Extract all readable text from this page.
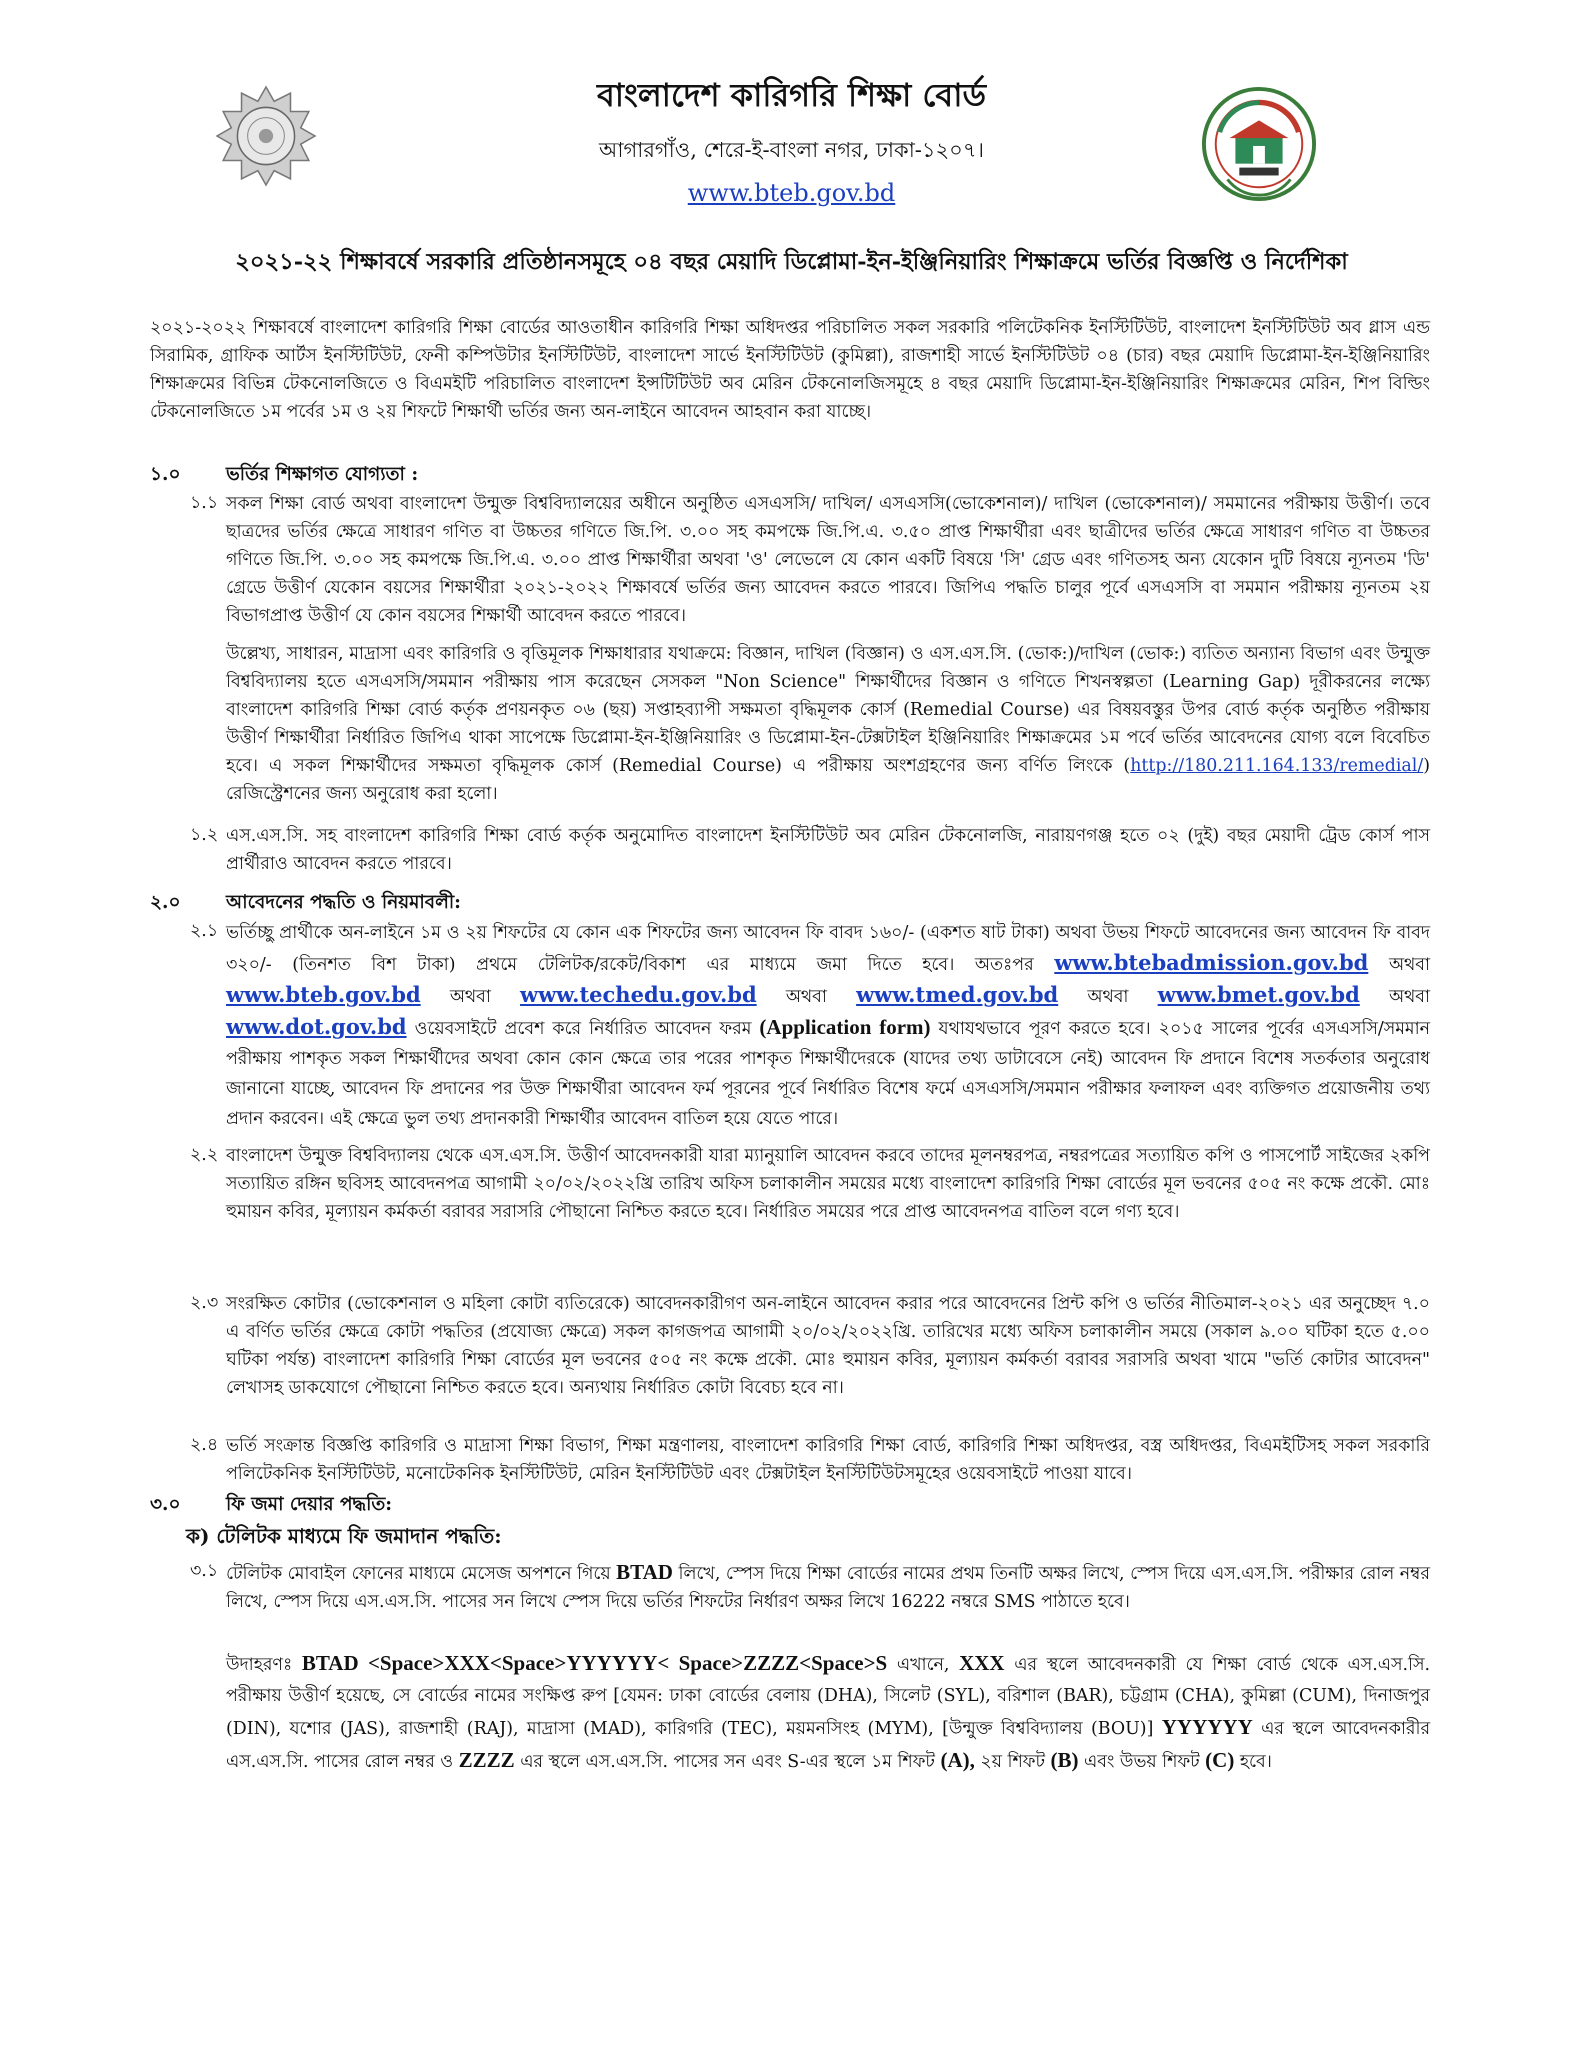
বাংলাদেশ কারিগরি শিক্ষা বোর্ড
আগারগাঁও, শেরে-ই-বাংলা নগর, ঢাকা-১২০৭।
www.bteb.gov.bd
২০২১-২২ শিক্ষাবর্ষে সরকারি প্রতিষ্ঠানসমূহে ০৪ বছর মেয়াদি ডিপ্লোমা-ইন-ইঞ্জিনিয়ারিং শিক্ষাক্রমে ভর্তির বিজ্ঞপ্তি ও নির্দেশিকা
২০২১-২০২২ শিক্ষাবর্ষে বাংলাদেশ কারিগরি শিক্ষা বোর্ডের আওতাধীন কারিগরি শিক্ষা অধিদপ্তর পরিচালিত সকল সরকারি পলিটেকনিক ইনস্টিটিউট, বাংলাদেশ ইনস্টিটিউট অব গ্লাস এন্ড সিরামিক, গ্রাফিক আর্টস ইনস্টিটিউট, ফেনী কম্পিউটার ইনস্টিটিউট, বাংলাদেশ সার্ভে ইনস্টিটিউট (কুমিল্লা), রাজশাহী সার্ভে ইনস্টিটিউট ০৪ (চার) বছর মেয়াদি ডিপ্লোমা-ইন-ইঞ্জিনিয়ারিং শিক্ষাক্রমের বিভিন্ন টেকনোলজিতে ও বিএমইটি পরিচালিত বাংলাদেশ ইন্সটিটিউট অব মেরিন টেকনোলজিসমূহে ৪ বছর মেয়াদি ডিপ্লোমা-ইন-ইঞ্জিনিয়ারিং শিক্ষাক্রমের মেরিন, শিপ বিল্ডিং টেকনোলজিতে ১ম পর্বের ১ম ও ২য় শিফটে শিক্ষার্থী ভর্তির জন্য অন-লাইনে আবেদন আহবান করা যাচ্ছে।
১.০ ভর্তির শিক্ষাগত যোগ্যতা :
১.১ সকল শিক্ষা বোর্ড অথবা বাংলাদেশ উন্মুক্ত বিশ্ববিদ্যালয়ের অধীনে অনুষ্ঠিত এসএসসি/ দাখিল/ এসএসসি(ভোকেশনাল)/ দাখিল (ভোকেশনাল)/ সমমানের পরীক্ষায় উত্তীর্ণ। তবে ছাত্রদের ভর্তির ক্ষেত্রে সাধারণ গণিত বা উচ্চতর গণিতে জি.পি. ৩.০০ সহ কমপক্ষে জি.পি.এ. ৩.৫০ প্রাপ্ত শিক্ষার্থীরা এবং ছাত্রীদের ভর্তির ক্ষেত্রে সাধারণ গণিত বা উচ্চতর গণিতে জি.পি. ৩.০০ সহ কমপক্ষে জি.পি.এ. ৩.০০ প্রাপ্ত শিক্ষার্থীরা অথবা 'ও' লেভেলে যে কোন একটি বিষয়ে 'সি' গ্রেড এবং গণিতসহ অন্য যেকোন দুটি বিষয়ে ন্যূনতম 'ডি' গ্রেডে উত্তীর্ণ যেকোন বয়সের শিক্ষার্থীরা ২০২১-২০২২ শিক্ষাবর্ষে ভর্তির জন্য আবেদন করতে পারবে। জিপিএ পদ্ধতি চালুর পূর্বে এসএসসি বা সমমান পরীক্ষায় ন্যূনতম ২য় বিভাগপ্রাপ্ত উত্তীর্ণ যে কোন বয়সের শিক্ষার্থী আবেদন করতে পারবে।
উল্লেখ্য, সাধারন, মাদ্রাসা এবং কারিগরি ও বৃত্তিমূলক শিক্ষাধারার যথাক্রমে: বিজ্ঞান, দাখিল (বিজ্ঞান) ও এস.এস.সি. (ভোক:)/দাখিল (ভোক:) ব্যতিত অন্যান্য বিভাগ এবং উন্মুক্ত বিশ্ববিদ্যালয় হতে এসএসসি/সমমান পরীক্ষায় পাস করেছেন সেসকল "Non Science" শিক্ষার্থীদের বিজ্ঞান ও গণিতে শিখনস্বল্পতা (Learning Gap) দূরীকরনের লক্ষ্যে বাংলাদেশ কারিগরি শিক্ষা বোর্ড কর্তৃক প্রণয়নকৃত ০৬ (ছয়) সপ্তাহব্যাপী সক্ষমতা বৃদ্ধিমূলক কোর্স (Remedial Course) এর বিষয়বস্তুর উপর বোর্ড কর্তৃক অনুষ্ঠিত পরীক্ষায় উত্তীর্ণ শিক্ষার্থীরা নির্ধারিত জিপিএ থাকা সাপেক্ষে ডিপ্লোমা-ইন-ইঞ্জিনিয়ারিং ও ডিপ্লোমা-ইন-টেক্সটাইল ইঞ্জিনিয়ারিং শিক্ষাক্রমের ১ম পর্বে ভর্তির আবেদনের যোগ্য বলে বিবেচিত হবে। এ সকল শিক্ষার্থীদের সক্ষমতা বৃদ্ধিমূলক কোর্স (Remedial Course) এ পরীক্ষায় অংশগ্রহণের জন্য বর্ণিত লিংকে (http://180.211.164.133/remedial/) রেজিস্ট্রেশনের জন্য অনুরোধ করা হলো।
১.২ এস.এস.সি. সহ বাংলাদেশ কারিগরি শিক্ষা বোর্ড কর্তৃক অনুমোদিত বাংলাদেশ ইনস্টিটিউট অব মেরিন টেকনোলজি, নারায়ণগঞ্জ হতে ০২ (দুই) বছর মেয়াদী ট্রেড কোর্স পাস প্রার্থীরাও আবেদন করতে পারবে।
২.০ আবেদনের পদ্ধতি ও নিয়মাবলী:
২.১ ভর্তিচ্ছু প্রার্থীকে অন-লাইনে ১ম ও ২য় শিফটের যে কোন এক শিফটের জন্য আবেদন ফি বাবদ ১৬০/- (একশত ষাট টাকা) অথবা উভয় শিফটে আবেদনের জন্য আবেদন ফি বাবদ ৩২০/- (তিনশত বিশ টাকা) প্রথমে টেলিটক/রকেট/বিকাশ এর মাধ্যমে জমা দিতে হবে। অতঃপর www.btebadmission.gov.bd অথবা www.bteb.gov.bd অথবা www.techedu.gov.bd অথবা www.tmed.gov.bd অথবা www.bmet.gov.bd অথবা www.dot.gov.bd ওয়েবসাইটে প্রবেশ করে নির্ধারিত আবেদন ফরম (Application form) যথাযথভাবে পূরণ করতে হবে। ২০১৫ সালের পূর্বের এসএসসি/সমমান পরীক্ষায় পাশকৃত সকল শিক্ষার্থীদের অথবা কোন কোন ক্ষেত্রে তার পরের পাশকৃত শিক্ষার্থীদেরকে (যাদের তথ্য ডাটাবেসে নেই) আবেদন ফি প্রদানে বিশেষ সতর্কতার অনুরোধ জানানো যাচ্ছে, আবেদন ফি প্রদানের পর উক্ত শিক্ষার্থীরা আবেদন ফর্ম পূরনের পূর্বে নির্ধারিত বিশেষ ফর্মে এসএসসি/সমমান পরীক্ষার ফলাফল এবং ব্যক্তিগত প্রয়োজনীয় তথ্য প্রদান করবেন। এই ক্ষেত্রে ভুল তথ্য প্রদানকারী শিক্ষার্থীর আবেদন বাতিল হয়ে যেতে পারে।
২.২ বাংলাদেশ উন্মুক্ত বিশ্ববিদ্যালয় থেকে এস.এস.সি. উত্তীর্ণ আবেদনকারী যারা ম্যানুয়ালি আবেদন করবে তাদের মূলনম্বরপত্র, নম্বরপত্রের সত্যায়িত কপি ও পাসপোর্ট সাইজের ২কপি সত্যায়িত রঙ্গিন ছবিসহ আবেদনপত্র আগামী ২০/০২/২০২২খ্রি তারিখ অফিস চলাকালীন সময়ের মধ্যে বাংলাদেশ কারিগরি শিক্ষা বোর্ডের মূল ভবনের ৫০৫ নং কক্ষে প্রকৌ. মোঃ হুমায়ন কবির, মূল্যায়ন কর্মকর্তা বরাবর সরাসরি পৌছানো নিশ্চিত করতে হবে। নির্ধারিত সময়ের পরে প্রাপ্ত আবেদনপত্র বাতিল বলে গণ্য হবে।
২.৩ সংরক্ষিত কোটার (ভোকেশনাল ও মহিলা কোটা ব্যতিরেকে) আবেদনকারীগণ অন-লাইনে আবেদন করার পরে আবেদনের প্রিন্ট কপি ও ভর্তির নীতিমাল-২০২১ এর অনুচ্ছেদ ৭.০ এ বর্ণিত ভর্তির ক্ষেত্রে কোটা পদ্ধতির (প্রযোজ্য ক্ষেত্রে) সকল কাগজপত্র আগামী ২০/০২/২০২২খ্রি. তারিখের মধ্যে অফিস চলাকালীন সময়ে (সকাল ৯.০০ ঘটিকা হতে ৫.০০ ঘটিকা পর্যন্ত) বাংলাদেশ কারিগরি শিক্ষা বোর্ডের মূল ভবনের ৫০৫ নং কক্ষে প্রকৌ. মোঃ হুমায়ন কবির, মূল্যায়ন কর্মকর্তা বরাবর সরাসরি অথবা খামে "ভর্তি কোটার আবেদন" লেখাসহ ডাকযোগে পৌছানো নিশ্চিত করতে হবে। অন্যথায় নির্ধারিত কোটা বিবেচ্য হবে না।
২.৪ ভর্তি সংক্রান্ত বিজ্ঞপ্তি কারিগরি ও মাদ্রাসা শিক্ষা বিভাগ, শিক্ষা মন্ত্রণালয়, বাংলাদেশ কারিগরি শিক্ষা বোর্ড, কারিগরি শিক্ষা অধিদপ্তর, বস্ত্র অধিদপ্তর, বিএমইটিসহ সকল সরকারি পলিটেকনিক ইনস্টিটিউট, মনোটেকনিক ইনস্টিটিউট, মেরিন ইনস্টিটিউট এবং টেক্সটাইল ইনস্টিটিউটসমূহের ওয়েবসাইটে পাওয়া যাবে।
৩.০ ফি জমা দেয়ার পদ্ধতি:
ক) টেলিটক মাধ্যমে ফি জমাদান পদ্ধতি:
৩.১ টেলিটক মোবাইল ফোনের মাধ্যমে মেসেজ অপশনে গিয়ে BTAD লিখে, স্পেস দিয়ে শিক্ষা বোর্ডের নামের প্রথম তিনটি অক্ষর লিখে, স্পেস দিয়ে এস.এস.সি. পরীক্ষার রোল নম্বর লিখে, স্পেস দিয়ে এস.এস.সি. পাসের সন লিখে স্পেস দিয়ে ভর্তির শিফটের নির্ধারণ অক্ষর লিখে 16222 নম্বরে SMS পাঠাতে হবে।
উদাহরণঃ BTAD <Space>XXX<Space>YYYYYY< Space>ZZZZ<Space>S এখানে, XXX এর স্থলে আবেদনকারী যে শিক্ষা বোর্ড থেকে এস.এস.সি. পরীক্ষায় উত্তীর্ণ হয়েছে, সে বোর্ডের নামের সংক্ষিপ্ত রুপ [যেমন: ঢাকা বোর্ডের বেলায় (DHA), সিলেট (SYL), বরিশাল (BAR), চট্টগ্রাম (CHA), কুমিল্লা (CUM), দিনাজপুর (DIN), যশোর (JAS), রাজশাহী (RAJ), মাদ্রাসা (MAD), কারিগরি (TEC), ময়মনসিংহ (MYM), [উন্মুক্ত বিশ্ববিদ্যালয় (BOU)] YYYYYY এর স্থলে আবেদনকারীর এস.এস.সি. পাসের রোল নম্বর ও ZZZZ এর স্থলে এস.এস.সি. পাসের সন এবং S-এর স্থলে ১ম শিফট (A), ২য় শিফট (B) এবং উভয় শিফট (C) হবে।
